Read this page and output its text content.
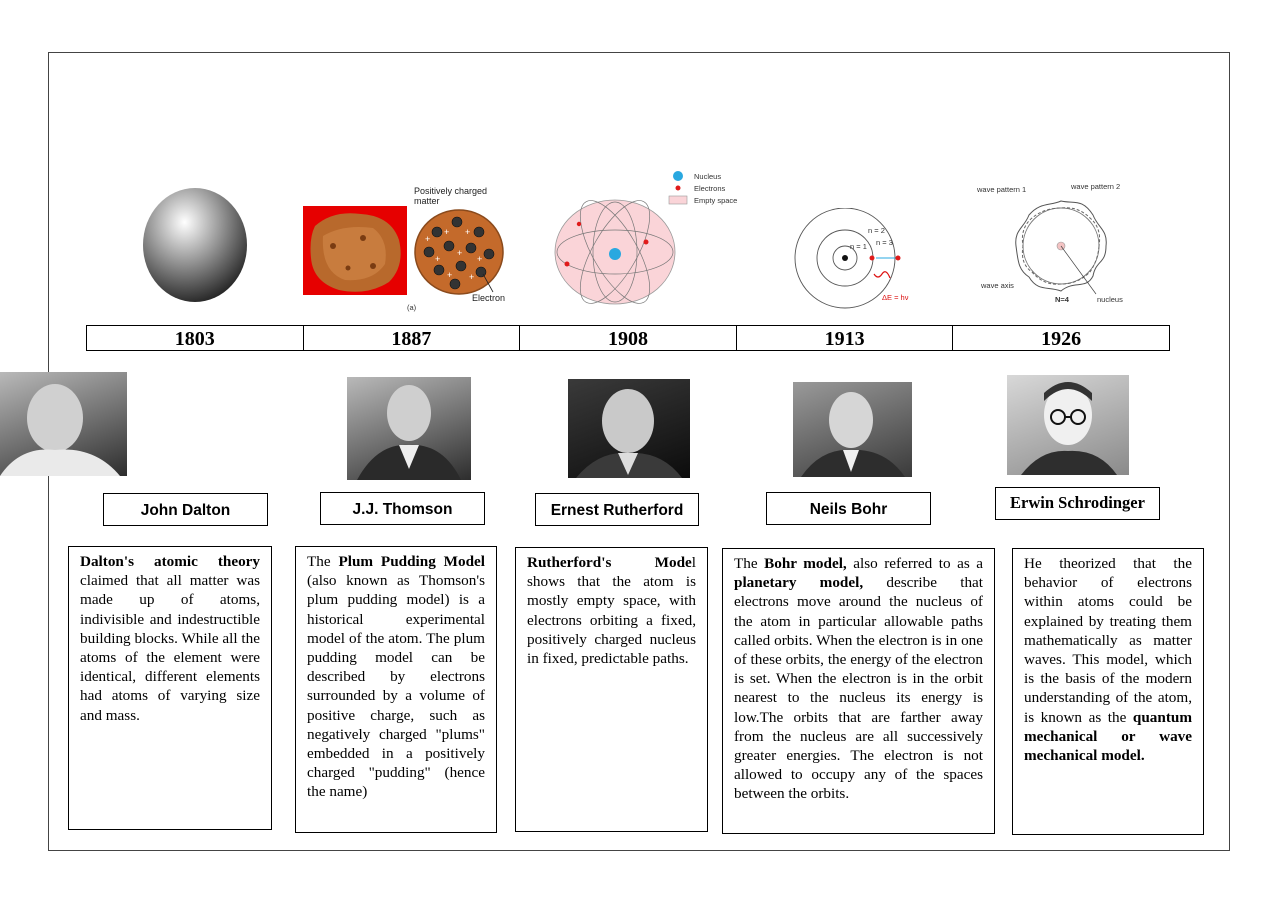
+ +
+
+
+
+ +
+
Positively charged matter
Electron
(a)
Nucleus
Electrons
Empty space
n = 3
n = 2
n = 1
ΔE = hν
wave pattern 1	wave pattern 2
wave axis
nucleus
N=4
1803	1887	1908	1913	1926
John Dalton	J.J. Thomson	Ernest Rutherford	Neils Bohr	Erwin Schrodinger
Dalton's atomic theory claimed that all matter was made up of atoms, indivisible and indestructible building blocks. While all the atoms of the element were identical, different elements had atoms of varying size and mass.
The Plum Pudding Model (also known as Thomson's plum pudding model) is a historical experimental model of the atom. The plum pudding model can be described by electrons surrounded by a volume of positive charge, such as negatively charged "plums" embedded in a positively charged "pudding" (hence the name)
Rutherford's Model shows that the atom is mostly empty space, with electrons orbiting a fixed, positively charged nucleus in fixed, predictable paths.
The Bohr model, also referred to as a planetary model, describe that electrons move around the nucleus of the atom in particular allowable paths called orbits. When the electron is in one of these orbits, the energy of the electron is set. When the electron is in the orbit nearest to the nucleus its energy is low.The orbits that are farther away from the nucleus are all successively greater energies. The electron is not allowed to occupy any of the spaces between the orbits.
He theorized that the behavior of electrons within atoms could be explained by treating them mathematically as matter waves. This model, which is the basis of the modern understanding of the atom, is known as the quantum mechanical or wave mechanical model.
